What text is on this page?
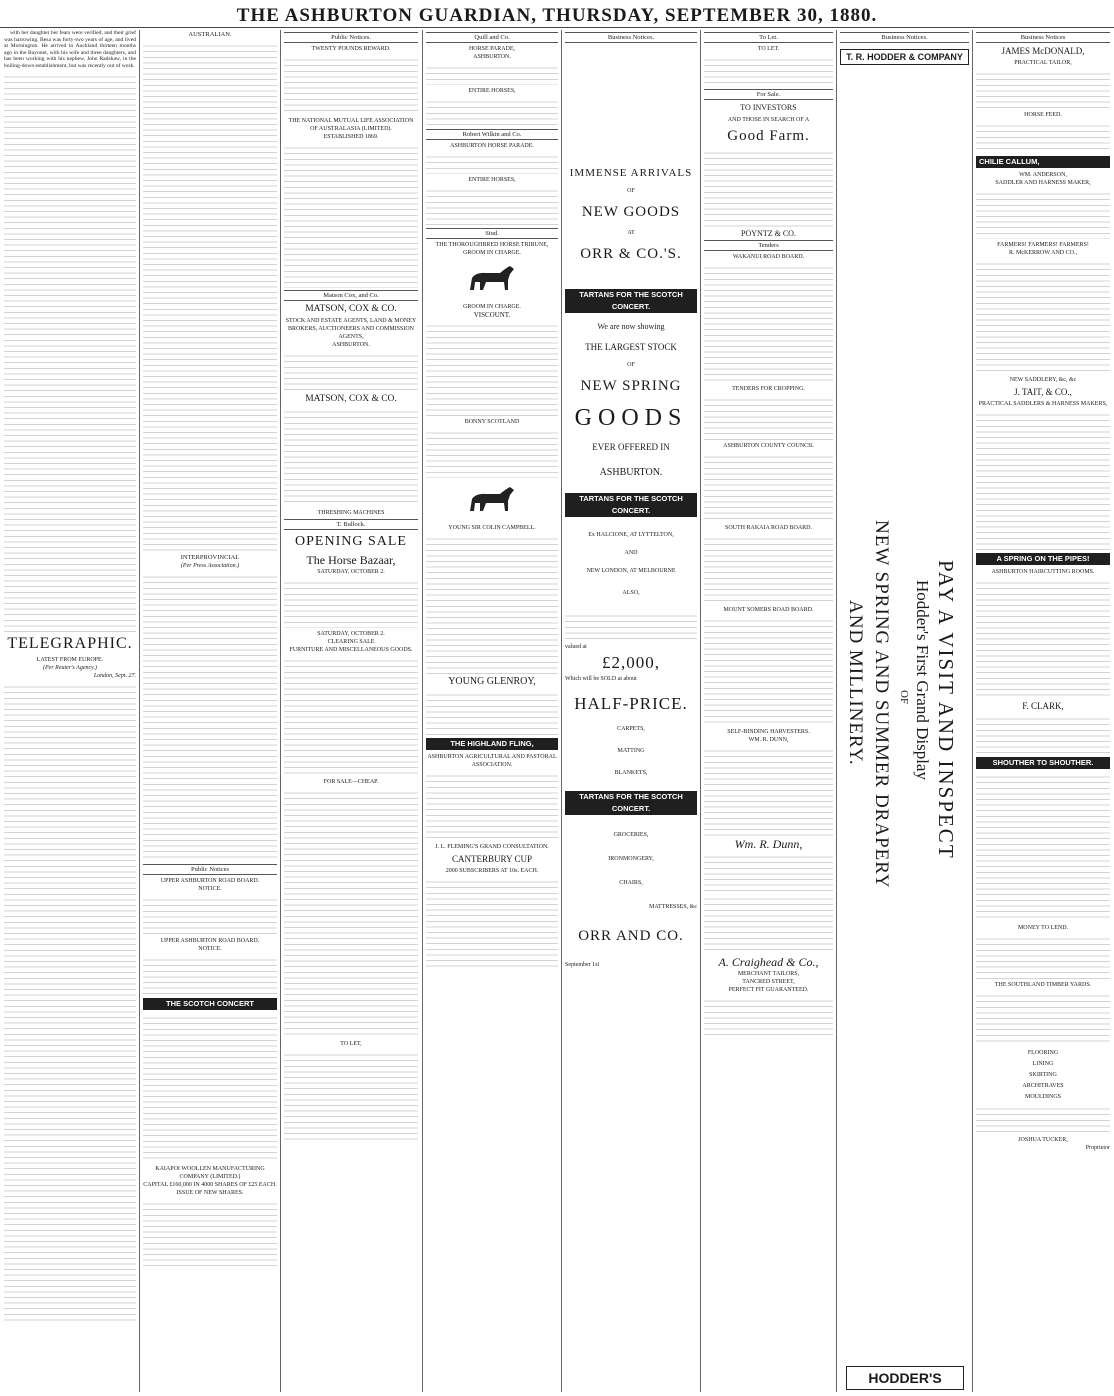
THE ASHBURTON GUARDIAN, THURSDAY, SEPTEMBER 30, 1880.

with her daughter her fears were verified, and their grief was harrowing. Besa was forty-two years of age, and lived at Mornington. He arrived in Auckland thirteen months ago in the Bayonet, with his wife and three daughters, and has been working with his nephew, John Radshaw, in the boiling-down establishment, but was recently out of work.

TELEGRAPHIC.
LATEST FROM EUROPE.
(Per Reuter's Agency.)
London, Sept. 27.
AUSTRALIAN.
INTERPROVINCIAL
(Per Press Association.)
Public Notices
UPPER ASHBURTON ROAD BOARD.
NOTICE.
UPPER ASHBURTON ROAD BOARD.
NOTICE.
THE SCOTCH CONCERT
KAIAPOI WOOLLEN MANUFACTURING COMPANY (LIMITED.)
CAPITAL £160,000 IN 4000 SHARES OF £25 EACH.
ISSUE OF NEW SHARES.
Public Notices.
TWENTY POUNDS REWARD.
THE NATIONAL MUTUAL LIFE ASSOCIATION OF AUSTRALASIA (LIMITED).
ESTABLISHED 1869.
Matson Cox, and Co.
MATSON, COX & CO.
STOCK AND ESTATE AGENTS, LAND & MONEY BROKERS, AUCTIONEERS AND COMMISSION AGENTS,
ASHBURTON.
MATSON, COX & CO.
THRESHING MACHINES
T. Bullock.
OPENING SALE
The Horse Bazaar,
SATURDAY, OCTOBER 2.
SATURDAY, OCTOBER 2.
CLEARING SALE
FURNITURE AND MISCELLANEOUS GOODS.
FOR SALE—CHEAP.
TO LET,
Quill and Co.
HORSE PARADE,
ASHBURTON.
ENTIRE HORSES,
Robert Wilkin and Co.
ASHBURTON HORSE PARADE.
ENTIRE HORSES,
Stud.
THE THOROUGHBRED HORSE TRIBUNE,
GROOM IN CHARGE.
GROOM IN CHARGE.
VISCOUNT.
BONNY SCOTLAND
YOUNG SIR COLIN CAMPBELL.
YOUNG GLENROY,
THE HIGHLAND FLING,
ASHBURTON AGRICULTURAL AND PASTORAL ASSOCIATION.
J. L. FLEMING'S GRAND CONSULTATION.
CANTERBURY CUP
2000 SUBSCRIBERS AT 10s. EACH.
Business Notices.
IMMENSE ARRIVALS
OF
NEW GOODS
AT
ORR & CO.'S.
TARTANS FOR THE SCOTCH CONCERT.
We are now showing
THE LARGEST STOCK
OF
NEW SPRING
GOODS
EVER OFFERED IN
ASHBURTON.
TARTANS FOR THE SCOTCH CONCERT.
Ex HALCIONE, AT LYTTELTON,
AND
NEW LONDON, AT MELBOURNE
ALSO,
valued at
£2,000,
Which will be SOLD at about
HALF-PRICE.
CARPETS,
MATTING
BLANKETS,
TARTANS FOR THE SCOTCH CONCERT.
GROCERIES,
IRONMONGERY,
CHAIRS,
MATTRESSES, &c
ORR AND CO.
September 1st
To Let.
TO LET.
For Sale.
TO INVESTORS
AND THOSE IN SEARCH OF A
Good Farm.
POYNTZ & CO.
Tenders
WAKANUI ROAD BOARD.
TENDERS FOR CROPPING.
ASHBURTON COUNTY COUNCIL
SOUTH RAKAIA ROAD BOARD.
MOUNT SOMERS ROAD BOARD.
SELF-BINDING HARVESTERS.
WM. R. DUNN,
Wm. R. Dunn,
A. Craighead & Co.,
MERCHANT TAILORS,
TANCRED STREET,
PERFECT FIT GUARANTEED.
Business Notices.
T. R. HODDER & COMPANY
PAY A VISIT AND INSPECT
Hodder's First Grand Display
OF
NEW SPRING AND SUMMER DRAPERY
AND MILLINERY.
HODDER'S
Business Notices
JAMES McDONALD,
PRACTICAL TAILOR,
HORSE FEED.
CHILIE CALLUM,
WM. ANDERSON,
SADDLER AND HARNESS MAKER,
FARMERS! FARMERS! FARMERS!
R. McKERROW AND CO.,
NEW SADDLERY, &c, &c
J. TAIT, & CO.,
PRACTICAL SADDLERS & HARNESS MAKERS,
A SPRING ON THE PIPES!
ASHBURTON HAIRCUTTING ROOMS.
F. CLARK,
SHOUTHER TO SHOUTHER.
MONEY TO LEND.
THE SOUTHLAND TIMBER YARDS.
FLOORING
LINING
SKIRTING
ARCHITRAVES
MOULDINGS
JOSHUA TUCKER,
Proprietor
